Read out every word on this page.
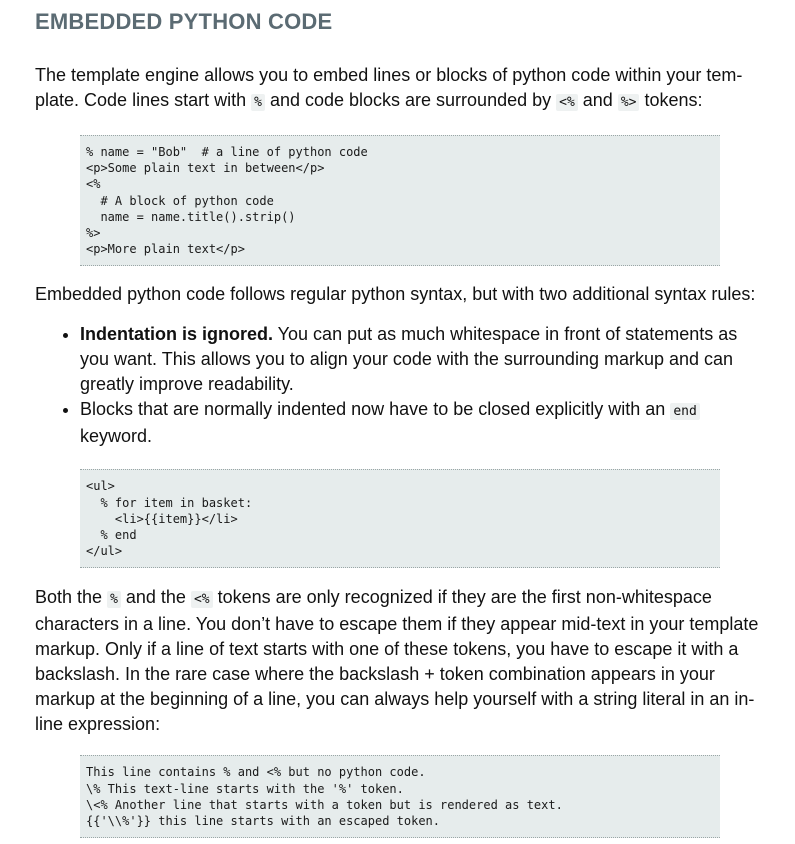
EMBEDDED PYTHON CODE

The template engine allows you to embed lines or blocks of python code within your tem-plate. Code lines start with % and code blocks are surrounded by <% and %> tokens:

% name = "Bob"  # a line of python code
<p>Some plain text in between</p>
<%
# A block of python code
name = name.title().strip()
%>
<p>More plain text</p>

Embedded python code follows regular python syntax, but with two additional syntax rules:

• Indentation is ignored. You can put as much whitespace in front of statements as you want. This allows you to align your code with the surrounding markup and can greatly improve readability.
• Blocks that are normally indented now have to be closed explicitly with an end keyword.
<ul>
% for item in basket:
<li>{{item}}</li>
% end
</ul>

Both the % and the <% tokens are only recognized if they are the first non-whitespace characters in a line. You don’t have to escape them if they appear mid-text in your template markup. Only if a line of text starts with one of these tokens, you have to escape it with a backslash. In the rare case where the backslash + token combination appears in your markup at the beginning of a line, you can always help yourself with a string literal in an in-line expression:

This line contains % and <% but no python code.
\% This text-line starts with the '%' token.
\<% Another line that starts with a token but is rendered as text.
{{'\\%'}} this line starts with an escaped token.
